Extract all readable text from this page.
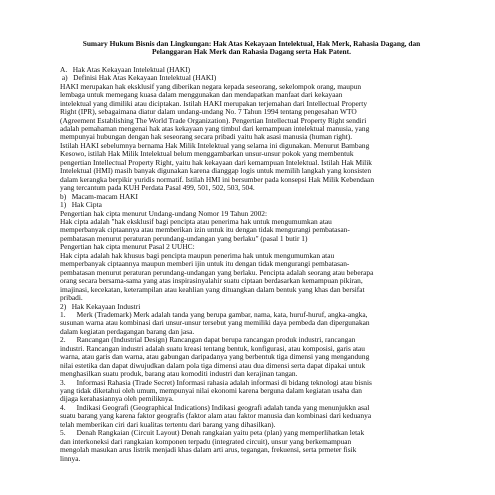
Sumary Hukum Bisnis dan Lingkungan: Hak Atas Kekayaan Intelektual, Hak Merk, Rahasia Dagang, dan Pelanggaran Hak Merk dan Rahasia Dagang serta Hak Patent.
A.   Hak Atas Kekayaan Intelektual (HAKI)
a)   Definisi Hak Atas Kekayaan Intelektual (HAKI)
HAKI merupakan hak eksklusif yang diberikan negara kepada seseorang, sekelompok orang, maupun
lembaga untuk memegang kuasa dalam menggunakan dan mendapatkan manfaat dari kekayaan
intelektual yang dimiliki atau diciptakan. Istilah HAKI merupakan terjemahan dari Intellectual Property
Right (IPR), sebagaimana diatur dalam undang-undang No. 7 Tahun 1994 tentang pengesahan WTO
(Agreement Establishing The World Trade Organization). Pengertian Intellectual Property Right sendiri
adalah pemahaman mengenai hak atas kekayaan yang timbul dari kemampuan intelektual manusia, yang
mempunyai hubungan dengan hak seseorang secara pribadi yaitu hak asasi manusia (human right).
Istilah HAKI sebelumnya bernama Hak Milik Intelektual yang selama ini digunakan. Menurut Bambang
Kesowo, istilah Hak Milik Intelektual belum menggambarkan unsur-unsur pokok yang membentuk
pengertian Intellectual Property Right, yaitu hak kekayaan dari kemampuan Intelektual. Istilah Hak Milik
Intelektual (HMI) masih banyak digunakan karena dianggap logis untuk memilih langkah yang konsisten
dalam kerangka berpikir yuridis normatif. Istilah HMI ini bersumber pada konsepsi Hak Milik Kebendaan
yang tercantum pada KUH Perdata Pasal 499, 501, 502, 503, 504.
b)   Macam-macam HAKI
1)   Hak Cipta
Pengertian hak cipta menurut Undang-undang Nomor 19 Tahun 2002:
Hak cipta adalah "hak eksklusif bagi pencipta atau penerima hak untuk mengumumkan atau
memperbanyak ciptaannya atau memberikan izin untuk itu dengan tidak mengurangi pembatasan-
pembatasan menurut peraturan perundang-undangan yang berlaku" (pasal 1 butir 1)
Pengertian hak cipta menurut Pasal 2 UUHC:
Hak cipta adalah hak khusus bagi pencipta maupun penerima hak untuk mengumumkan atau
memperbanyak ciptaannya maupun memberi ijin untuk itu dengan tidak mengurangi pembatasan-
pembatasan menurut peraturan perundang-undangan yang berlaku. Pencipta adalah seorang atau beberapa
orang secara bersama-sama yang atas inspirasinyalahir suatu ciptaan berdasarkan kemampuan pikiran,
imajinasi, kecekatan, keterampilan atau keahlian yang dituangkan dalam bentuk yang khas dan bersifat
pribadi.
2)   Hak Kekayaan Industri
1.      Merk (Trademark) Merk adalah tanda yang berupa gambar, nama, kata, huruf-huruf, angka-angka,
susunan warna atau kombinasi dari unsur-unsur tersebut yang memiliki daya pembeda dan dipergunakan
dalam kegiatan perdagangan barang dan jasa.
2.      Rancangan (Industrial Design) Rancangan dapat berupa rancangan produk industri, rancangan
industri. Rancangan industri adalah suatu kreasi tentang bentuk, konfigurasi, atau komposisi, garis atau
warna, atau garis dan warna, atau gabungan daripadanya yang berbentuk tiga dimensi yang mengandung
nilai estetika dan dapat diwujudkan dalam pola tiga dimensi atau dua dimensi serta dapat dipakai untuk
menghasilkan suatu produk, barang atau komoditi industri dan kerajinan tangan.
3.      Informasi Rahasia (Trade Secret) Informasi rahasia adalah informasi di bidang teknologi atau bisnis
yang tidak diketahui oleh umum, mempunyai nilai ekonomi karena berguna dalam kegiatan usaha dan
dijaga kerahasiannya oleh pemiliknya.
4.      Indikasi Geografi (Geographical Indications) Indikasi geografi adalah tanda yang menunjukkn asal
suatu barang yang karena faktor geografis (faktor alam atau faktor manusia dan kombinasi dari keduanya
telah memberikan ciri dari kualitas tertentu dari barang yang dihasilkan).
5.      Denah Rangkaian (Circuit Layout) Denah rangkaian yaitu peta (plan) yang memperlihatkan letak
dan interkoneksi dari rangkaian komponen terpadu (integrated circuit), unsur yang berkemampuan
mengolah masukan arus listrik menjadi khas dalam arti arus, tegangan, frekuensi, serta prmeter fisik
linnya.
